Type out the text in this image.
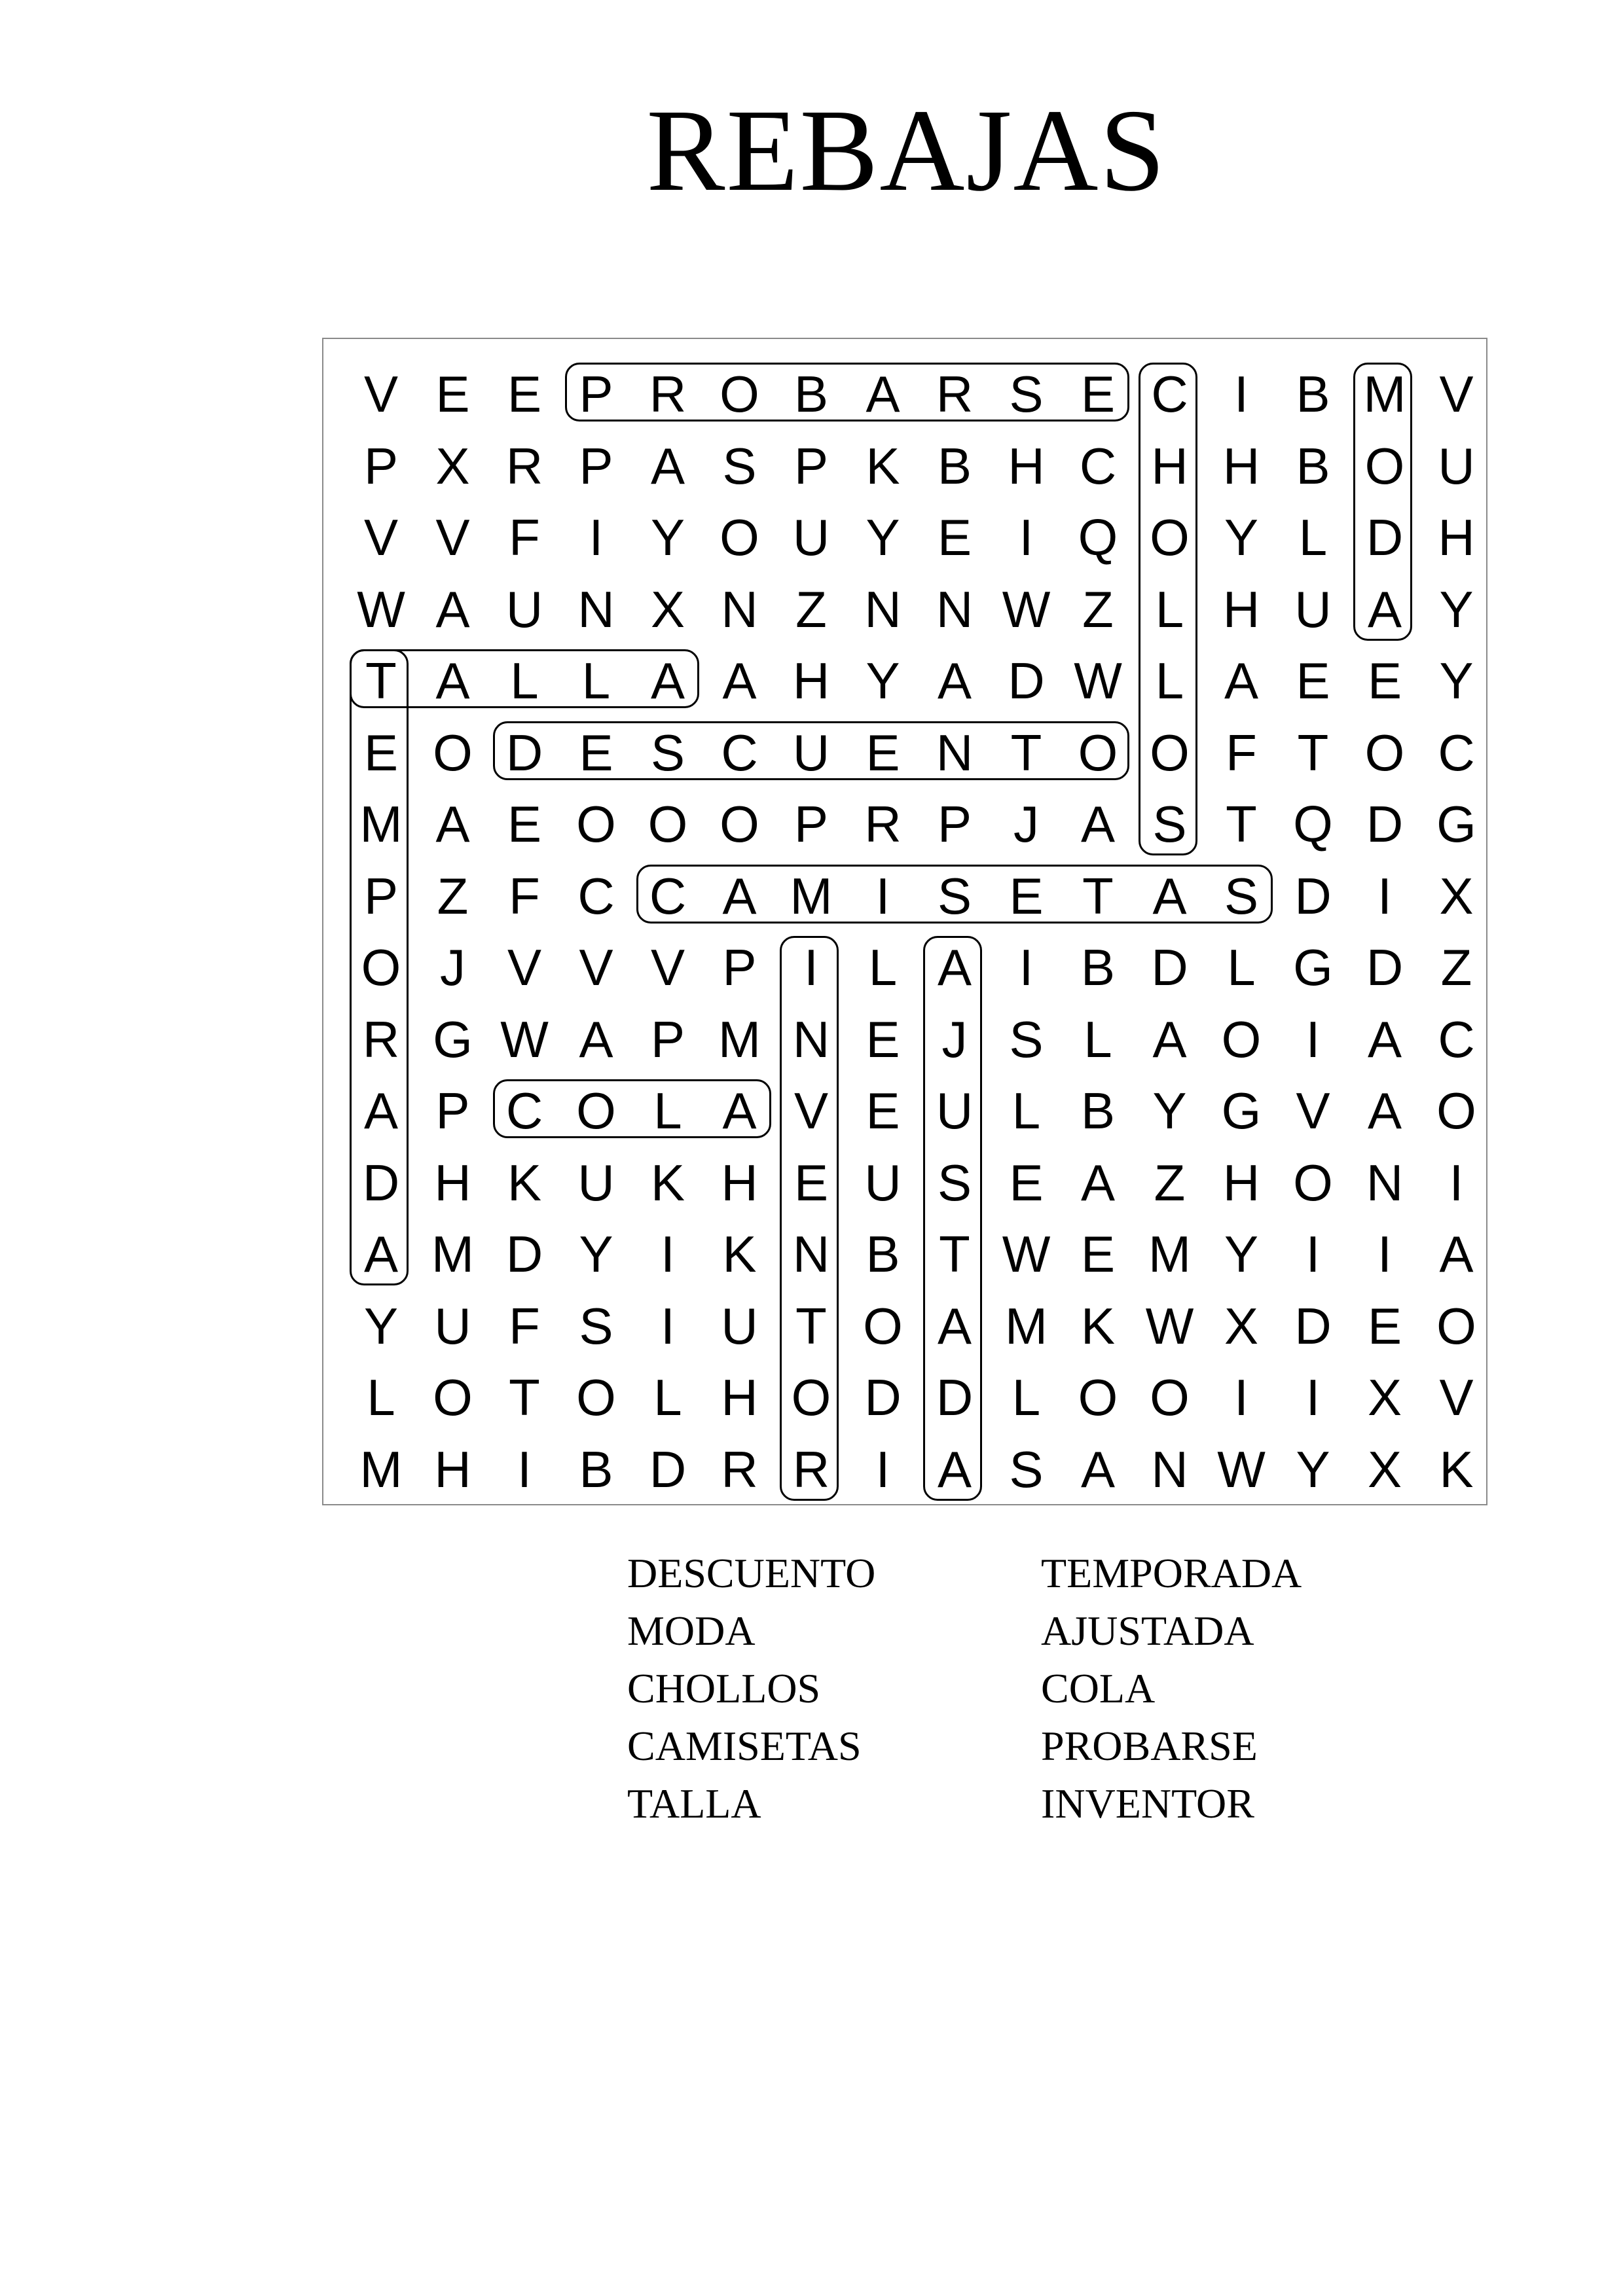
REBAJAS
V E E P R O B A R S E C I B M V
P X R P A S P K B H C H H B O U
V V F I Y O U Y E I Q O Y L D H
W A U N X N Z N N W Z L H U A Y
T A L L A A H Y A D W L A E E Y
E O D E S C U E N T O O F T O C
M A E O O O P R P J A S T Q D G
P Z F C C A M I S E T A S D I X
O J V V V P I L A I B D L G D Z
R G W A P M N E J S L A O I A C
A P C O L A V E U L B Y G V A O
D H K U K H E U S E A Z H O N I
A M D Y I K N B T W E M Y I	I A
Y U F S I U T O A M K W X D E O
L O T O L H O D D L O O I	I X V
M H I B D R R I A S A N W Y X K
DESCUENTO
MODA
CHOLLOS
CAMISETAS
TALLA
TEMPORADA
AJUSTADA
COLA
PROBARSE
INVENTOR
